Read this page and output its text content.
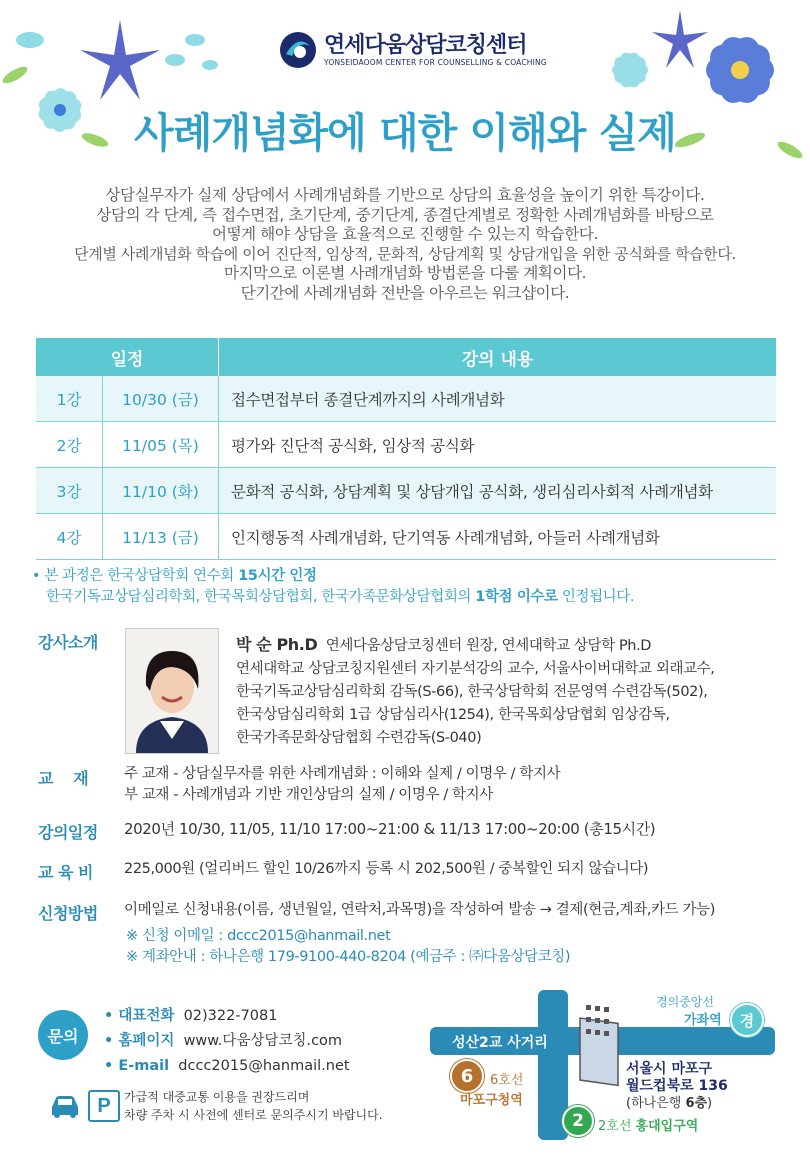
연세다움상담코칭센터
YONSEIDAOOM CENTER FOR COUNSELLING & COACHING
사례개념화에 대한 이해와 실제
상담실무자가 실제 상담에서 사례개념화를 기반으로 상담의 효율성을 높이기 위한 특강이다.
상담의 각 단계, 즉 접수면접, 초기단계, 중기단계, 종결단계별로 정확한 사례개념화를 바탕으로
어떻게 해야 상담을 효율적으로 진행할 수 있는지 학습한다.
단계별 사례개념화 학습에 이어 진단적, 임상적, 문화적, 상담계획 및 상담개입을 위한 공식화를 학습한다.
마지막으로 이론별 사례개념화 방법론을 다룰 계획이다.
단기간에 사례개념화 전반을 아우르는 워크샵이다.
일정		강의 내용
1강	10/30 (금)	접수면접부터 종결단계까지의 사례개념화
2강	11/05 (목)	평가와 진단적 공식화, 임상적 공식화
3강	11/10 (화)	문화적 공식화, 상담계획 및 상담개입 공식화, 생리심리사회적 사례개념화
4강	11/13 (금)	인지행동적 사례개념화, 단기역동 사례개념화, 아들러 사례개념화
• 본 과정은 한국상담학회 연수회 15시간 인정
한국기독교상담심리학회, 한국목회상담협회, 한국가족문화상담협회의 1학점 이수로 인정됩니다.
강사소개	박 순 Ph.D 연세다움상담코칭센터 원장, 연세대학교 상담학 Ph.D
연세대학교 상담코칭지원센터 자기분석강의 교수, 서울사이버대학교 외래교수,
한국기독교상담심리학회 감독(S-66), 한국상담학회 전문영역 수련감독(502),
한국상담심리학회 1급 상담심리사(1254), 한국목회상담협회 임상감독,
한국가족문화상담협회 수련감독(S-040)
교    재 주 교재 - 상담실무자를 위한 사례개념화 : 이해와 실제 / 이명우 / 학지사
부 교재 - 사례개념과 기반 개인상담의 실제 / 이명우 / 학지사
강의일정 2020년 10/30, 11/05, 11/10 17:00~21:00 & 11/13 17:00~20:00 (총15시간)
교 육 비 225,000원 (얼리버드 할인 10/26까지 등록 시 202,500원 / 중복할인 되지 않습니다)
신청방법 이메일로 신청내용(이름, 생년월일, 연락처,과목명)을 작성하여 발송 → 결제(현금,계좌,카드 가능)
※ 신청 이메일 : dccc2015@hanmail.net
※ 계좌안내 : 하나은행 179-9100-440-8204 (예금주 : ㈜다움상담코칭)
문의
• 대표전화 02)322-7081
• 홈페이지 www.다움상담코칭.com
• E-mail dccc2015@hanmail.net
P	가급적 대중교통 이용을 권장드리며
차량 주차 시 사전에 센터로 문의주시기 바랍니다.
성산2교 사거리
6	6호선
마포구청역
2	2호선 홍대입구역
경의중앙선
가좌역	경
서울시 마포구
월드컵북로 136
(하나은행 6층)
